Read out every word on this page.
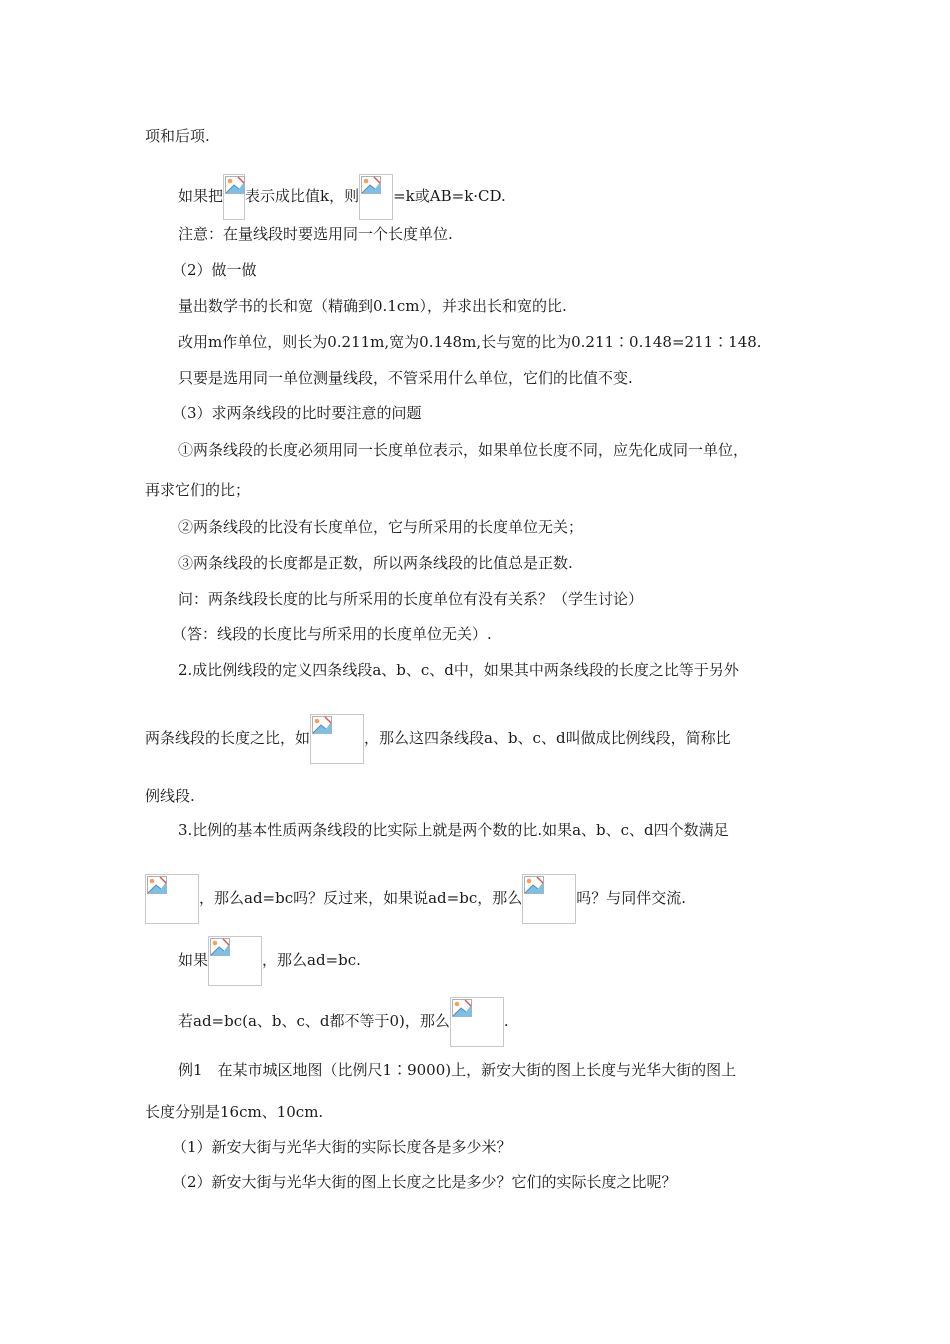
项和后项.
如果把 表示成比值k，则 =k或AB=k·CD.
注意：在量线段时要选用同一个长度单位.
（2）做一做
量出数学书的长和宽（精确到0.1cm），并求出长和宽的比.
改用m作单位，则长为0.211m,宽为0.148m,长与宽的比为0.211∶0.148=211∶148.
只要是选用同一单位测量线段，不管采用什么单位，它们的比值不变.
（3）求两条线段的比时要注意的问题
①两条线段的长度必须用同一长度单位表示，如果单位长度不同，应先化成同一单位，
再求它们的比；
②两条线段的比没有长度单位，它与所采用的长度单位无关；
③两条线段的长度都是正数，所以两条线段的比值总是正数.
问：两条线段长度的比与所采用的长度单位有没有关系？（学生讨论）
（答：线段的长度比与所采用的长度单位无关）.
2.成比例线段的定义四条线段a、b、c、d中，如果其中两条线段的长度之比等于另外
两条线段的长度之比，如	，那么这四条线段a、b、c、d叫做成比例线段，简称比
例线段.
3.比例的基本性质两条线段的比实际上就是两个数的比.如果a、b、c、d四个数满足
，那么ad=bc吗？反过来，如果说ad=bc，那么	吗？与同伴交流.
如果	，那么ad=bc.
若ad=bc(a、b、c、d都不等于0)，那么	.
例1　在某市城区地图（比例尺1∶9000)上，新安大街的图上长度与光华大街的图上
长度分别是16cm、10cm.
（1）新安大街与光华大街的实际长度各是多少米？
（2）新安大街与光华大街的图上长度之比是多少？它们的实际长度之比呢？
